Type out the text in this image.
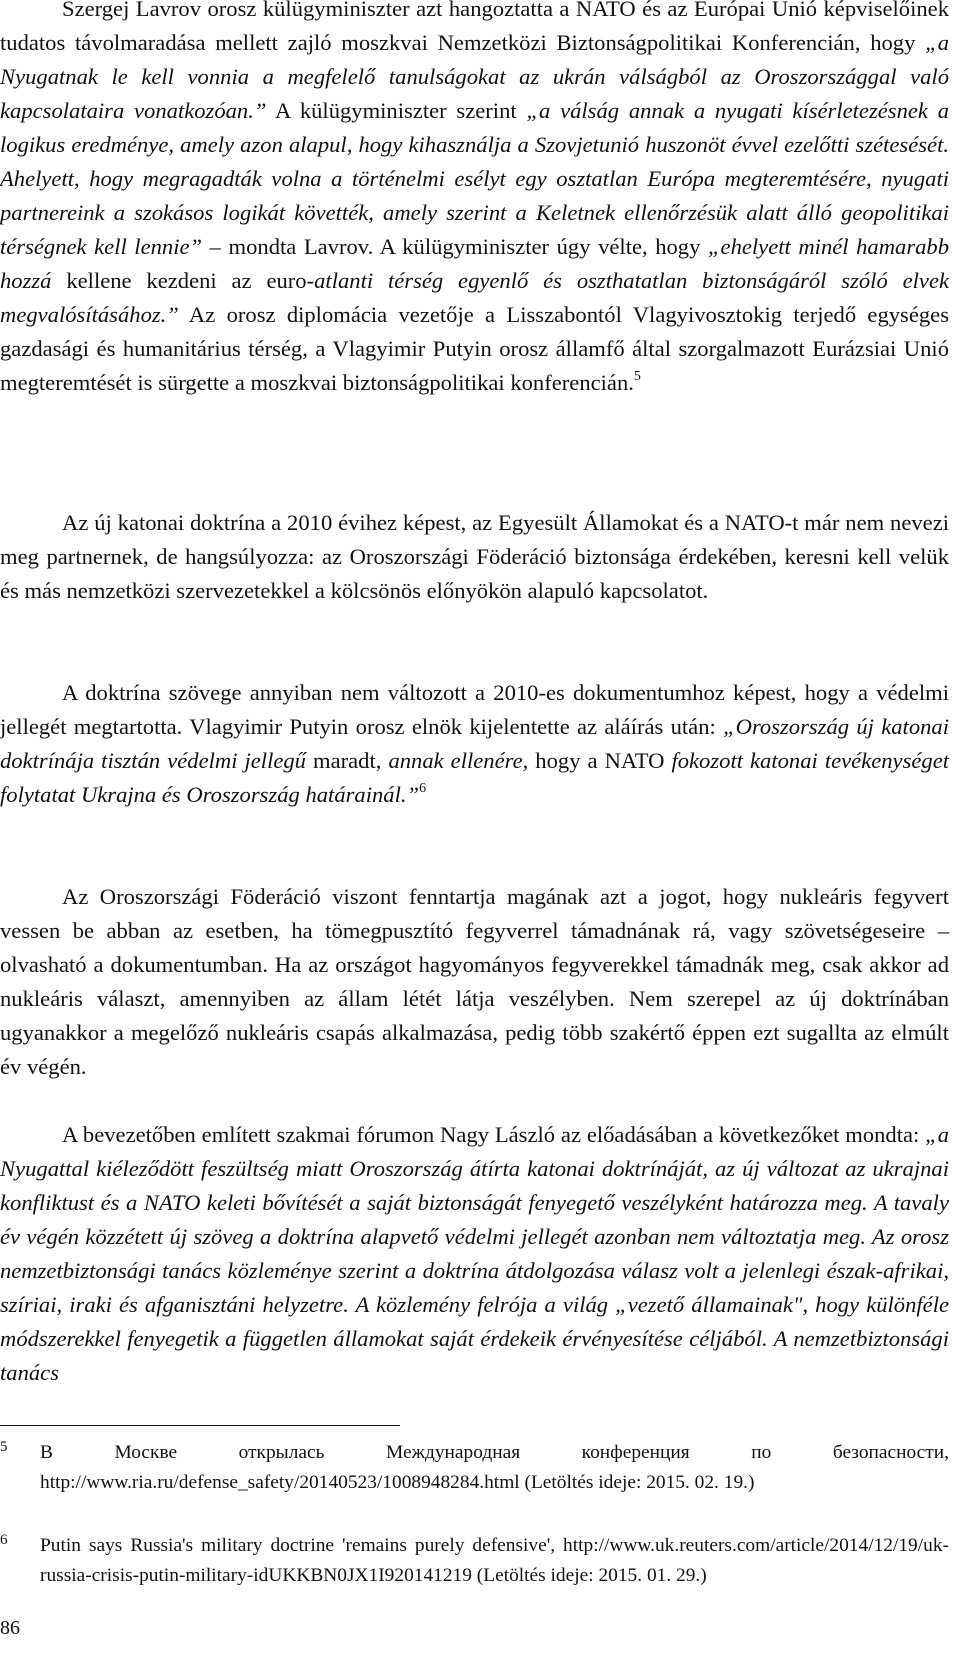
Szergej Lavrov orosz külügyminiszter azt hangoztatta a NATO és az Európai Unió képviselőinek tudatos távolmaradása mellett zajló moszkvai Nemzetközi Biztonságpolitikai Konferencián, hogy „a Nyugatnak le kell vonnia a megfelelő tanulságokat az ukrán válságból az Oroszországgal való kapcsolataira vonatkozóan.” A külügyminiszter szerint „a válság annak a nyugati kísérletezésnek a logikus eredménye, amely azon alapul, hogy kihasználja a Szovjetunió huszonöt évvel ezelőtti szétesését. Ahelyett, hogy megragadták volna a történelmi esélyt egy osztatlan Európa megteremtésére, nyugati partnereink a szokásos logikát követték, amely szerint a Keletnek ellenőrzésük alatt álló geopolitikai térségnek kell lennie” – mondta Lavrov. A külügyminiszter úgy vélte, hogy „ehelyett minél hamarabb hozzá kellene kezdeni az euro-atlanti térség egyenlő és oszthatatlan biztonságáról szóló elvek megvalósításához.” Az orosz diplomácia vezetője a Lisszabontól Vlagyivosztokig terjedő egységes gazdasági és humanitárius térség, a Vlagyimir Putyin orosz államfő által szorgalmazott Eurázsiai Unió megteremtését is sürgette a moszkvai biztonságpolitikai konferencián.$^5$

Az új katonai doktrína a 2010 évihez képest, az Egyesült Államokat és a NATO-t már nem nevezi meg partnernek, de hangsúlyozza: az Oroszországi Föderáció biztonsága érdekében, keresni kell velük és más nemzetközi szervezetekkel a kölcsönös előnyökön alapuló kapcsolatot.

A doktrína szövege annyiban nem változott a 2010-es dokumentumhoz képest, hogy a védelmi jellegét megtartotta. Vlagyimir Putyin orosz elnök kijelentette az aláírás után: „Oroszország új katonai doktrínája tisztán védelmi jellegű maradt, annak ellenére, hogy a NATO fokozott katonai tevékenységet folytatat Ukrajna és Oroszország határainál.”$^6$

Az Oroszországi Föderáció viszont fenntartja magának azt a jogot, hogy nukleáris fegyvert vessen be abban az esetben, ha tömegpusztító fegyverrel támadnának rá, vagy szövetségeseire – olvasható a dokumentumban. Ha az országot hagyományos fegyverekkel támadnák meg, csak akkor ad nukleáris választ, amennyiben az állam létét látja veszélyben. Nem szerepel az új doktrínában ugyanakkor a megelőző nukleáris csapás alkalmazása, pedig több szakértő éppen ezt sugallta az elmúlt év végén.

A bevezetőben említett szakmai fórumon Nagy László az előadásában a következőket mondta: „a Nyugattal kiéleződött feszültség miatt Oroszország átírta katonai doktrínáját, az új változat az ukrajnai konfliktust és a NATO keleti bővítését a saját biztonságát fenyegető veszélyként határozza meg. A tavaly év végén közzétett új szöveg a doktrína alapvető védelmi jellegét azonban nem változtatja meg. Az orosz nemzetbiztonsági tanács közleménye szerint a doktrína átdolgozása válasz volt a jelenlegi észak-afrikai, szíriai, iraki és afganisztáni helyzetre. A közlemény felrója a világ „vezető államainak", hogy különféle módszerekkel fenyegetik a független államokat saját érdekeik érvényesítése céljából. A nemzetbiztonsági tanács

5 В Москве открылась Международная конференция по безопасности, http://www.ria.ru/defense_safety/20140523/1008948284.html (Letöltés ideje: 2015. 02. 19.)
6 Putin says Russia's military doctrine 'remains purely defensive', http://www.uk.reuters.com/article/2014/12/19/uk-russia-crisis-putin-military-idUKKBN0JX1I920141219 (Letöltés ideje: 2015. 01. 29.)
86
